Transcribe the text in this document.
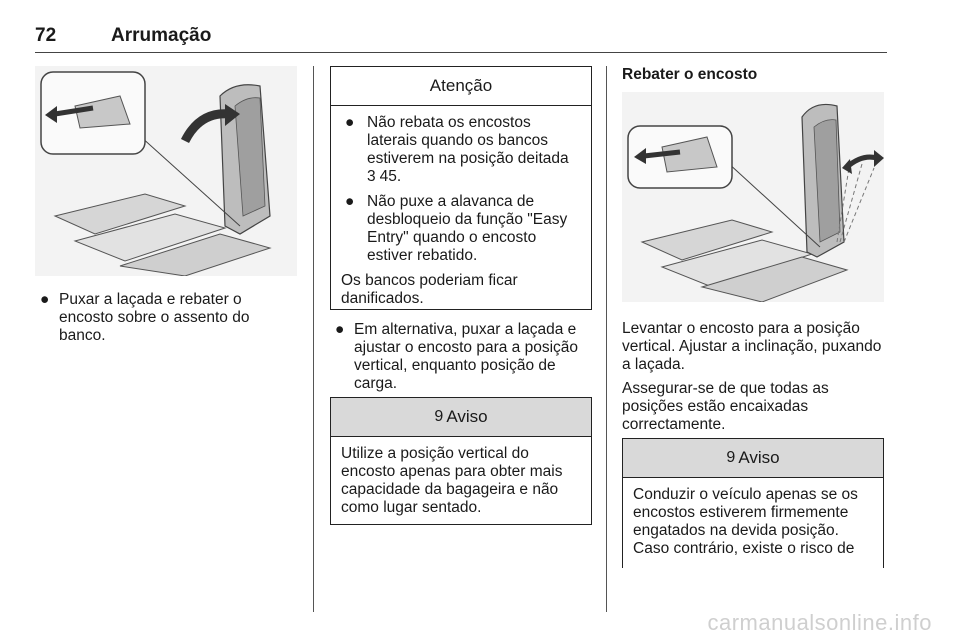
72	Arrumação
● Puxar a laçada e rebater o encosto sobre o assento do banco.
Atenção
● Não rebata os encostos laterais quando os bancos estiverem na posição deitada
3 45.
● Não puxe a alavanca de desbloqueio da função "Easy Entry" quando o encosto estiver rebatido.
Os bancos poderiam ficar danificados.
● Em alternativa, puxar a laçada e ajustar o encosto para a posição vertical, enquanto posição de carga.
9 Aviso
Utilize a posição vertical do encosto apenas para obter mais capacidade da bagageira e não como lugar sentado.
Rebater o encosto

Levantar o encosto para a posição vertical. Ajustar a inclinação, puxando a laçada.

Assegurar-se de que todas as posições estão encaixadas correctamente.

9 Aviso
Conduzir o veículo apenas se os encostos estiverem firmemente engatados na devida posição. Caso contrário, existe o risco de
carmanualsonline.info
